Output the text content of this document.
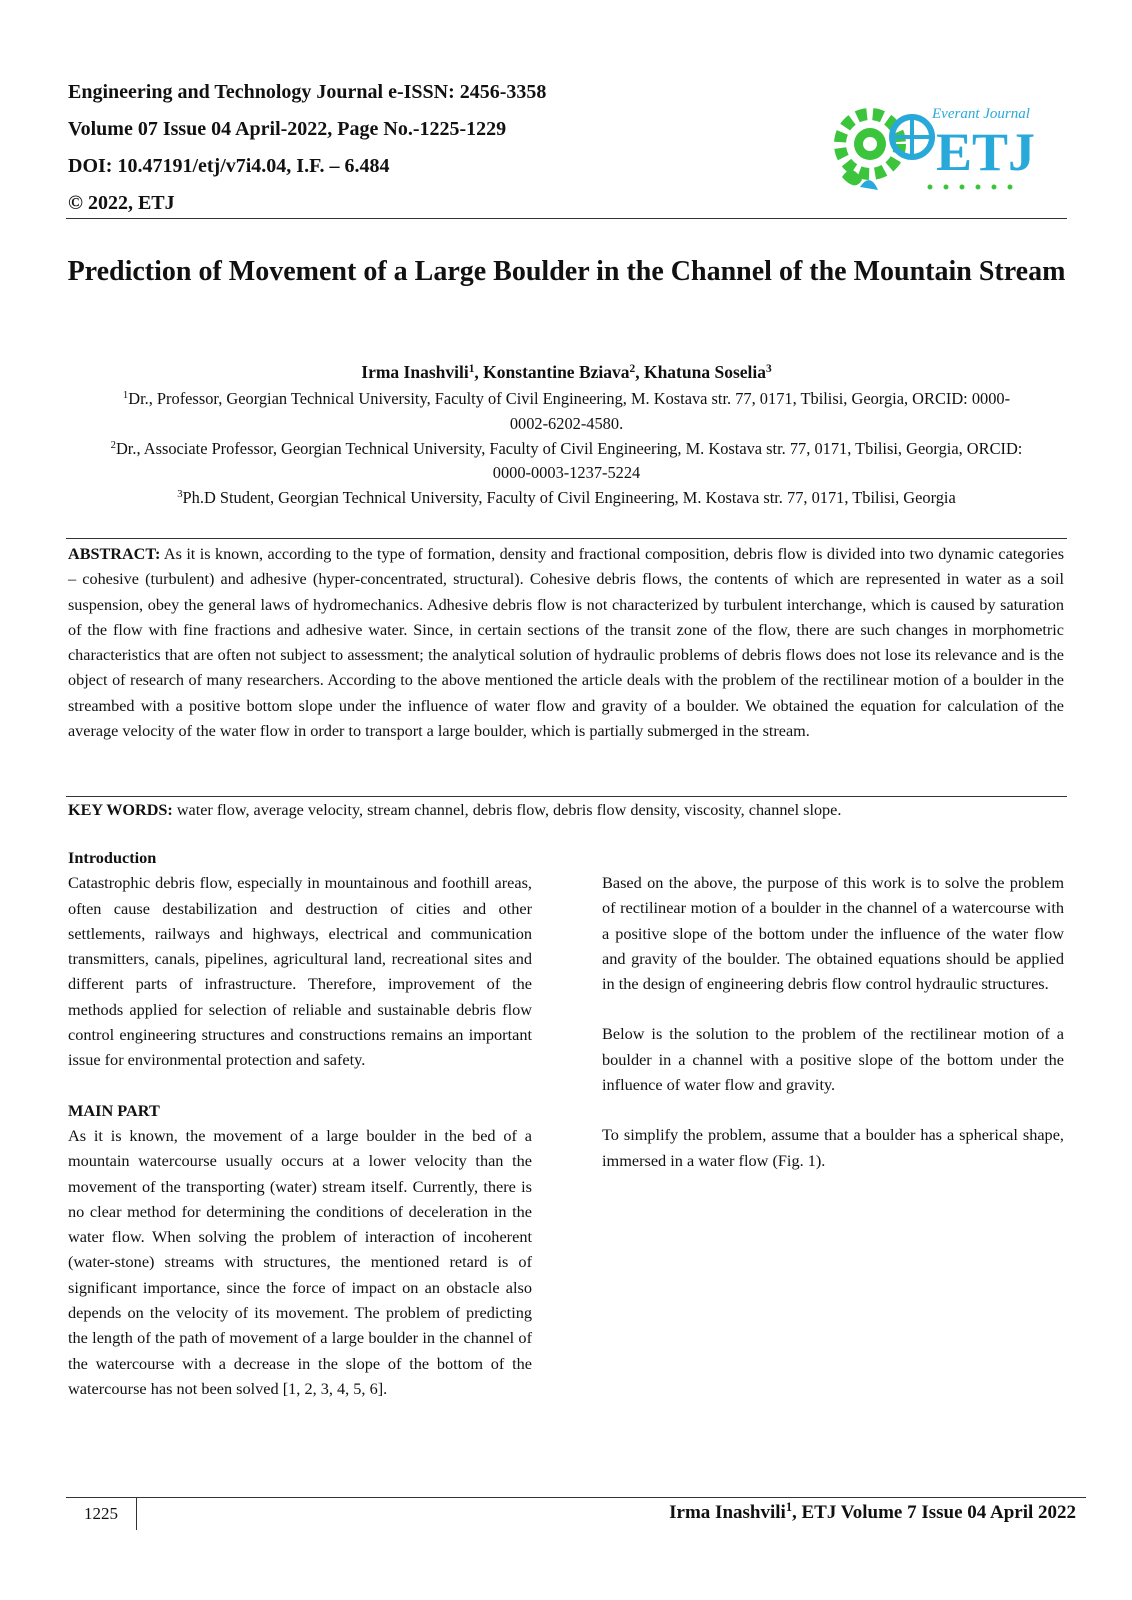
Engineering and Technology Journal e-ISSN: 2456-3358
Volume 07 Issue 04 April-2022, Page No.-1225-1229
DOI: 10.47191/etj/v7i4.04, I.F. – 6.484
© 2022, ETJ
Everant Journal
ETJ
Prediction of Movement of a Large Boulder in the Channel of the Mountain Stream
Irma Inashvili$^1$, Konstantine Bziava$^2$, Khatuna Soselia$^3$

$^1$Dr., Professor, Georgian Technical University, Faculty of Civil Engineering, M. Kostava str. 77, 0171, Tbilisi, Georgia, ORCID: 0000-0002-6202-4580.

$^2$Dr., Associate Professor, Georgian Technical University, Faculty of Civil Engineering, M. Kostava str. 77, 0171, Tbilisi, Georgia, ORCID: 0000-0003-1237-5224

$^3$Ph.D Student, Georgian Technical University, Faculty of Civil Engineering, M. Kostava str. 77, 0171, Tbilisi, Georgia

ABSTRACT: As it is known, according to the type of formation, density and fractional composition, debris flow is divided into two dynamic categories – cohesive (turbulent) and adhesive (hyper-concentrated, structural). Cohesive debris flows, the contents of which are represented in water as a soil suspension, obey the general laws of hydromechanics. Adhesive debris flow is not characterized by turbulent interchange, which is caused by saturation of the flow with fine fractions and adhesive water. Since, in certain sections of the transit zone of the flow, there are such changes in morphometric characteristics that are often not subject to assessment; the analytical solution of hydraulic problems of debris flows does not lose its relevance and is the object of research of many researchers. According to the above mentioned the article deals with the problem of the rectilinear motion of a boulder in the streambed with a positive bottom slope under the influence of water flow and gravity of a boulder. We obtained the equation for calculation of the average velocity of the water flow in order to transport a large boulder, which is partially submerged in the stream.

KEY WORDS: water flow, average velocity, stream channel, debris flow, debris flow density, viscosity, channel slope.

Introduction

Catastrophic debris flow, especially in mountainous and foothill areas, often cause destabilization and destruction of cities and other settlements, railways and highways, electrical and communication transmitters, canals, pipelines, agricultural land, recreational sites and different parts of infrastructure. Therefore, improvement of the methods applied for selection of reliable and sustainable debris flow control engineering structures and constructions remains an important issue for environmental protection and safety.

MAIN PART

As it is known, the movement of a large boulder in the bed of a mountain watercourse usually occurs at a lower velocity than the movement of the transporting (water) stream itself. Currently, there is no clear method for determining the conditions of deceleration in the water flow. When solving the problem of interaction of incoherent (water-stone) streams with structures, the mentioned retard is of significant importance, since the force of impact on an obstacle also depends on the velocity of its movement. The problem of predicting the length of the path of movement of a large boulder in the channel of the watercourse with a decrease in the slope of the bottom of the watercourse has not been solved [1, 2, 3, 4, 5, 6].

Based on the above, the purpose of this work is to solve the problem of rectilinear motion of a boulder in the channel of a watercourse with a positive slope of the bottom under the influence of the water flow and gravity of the boulder. The obtained equations should be applied in the design of engineering debris flow control hydraulic structures.

Below is the solution to the problem of the rectilinear motion of a boulder in a channel with a positive slope of the bottom under the influence of water flow and gravity.

To simplify the problem, assume that a boulder has a spherical shape, immersed in a water flow (Fig. 1).

1225	Irma Inashvili$^1$, ETJ Volume 7 Issue 04 April 2022
